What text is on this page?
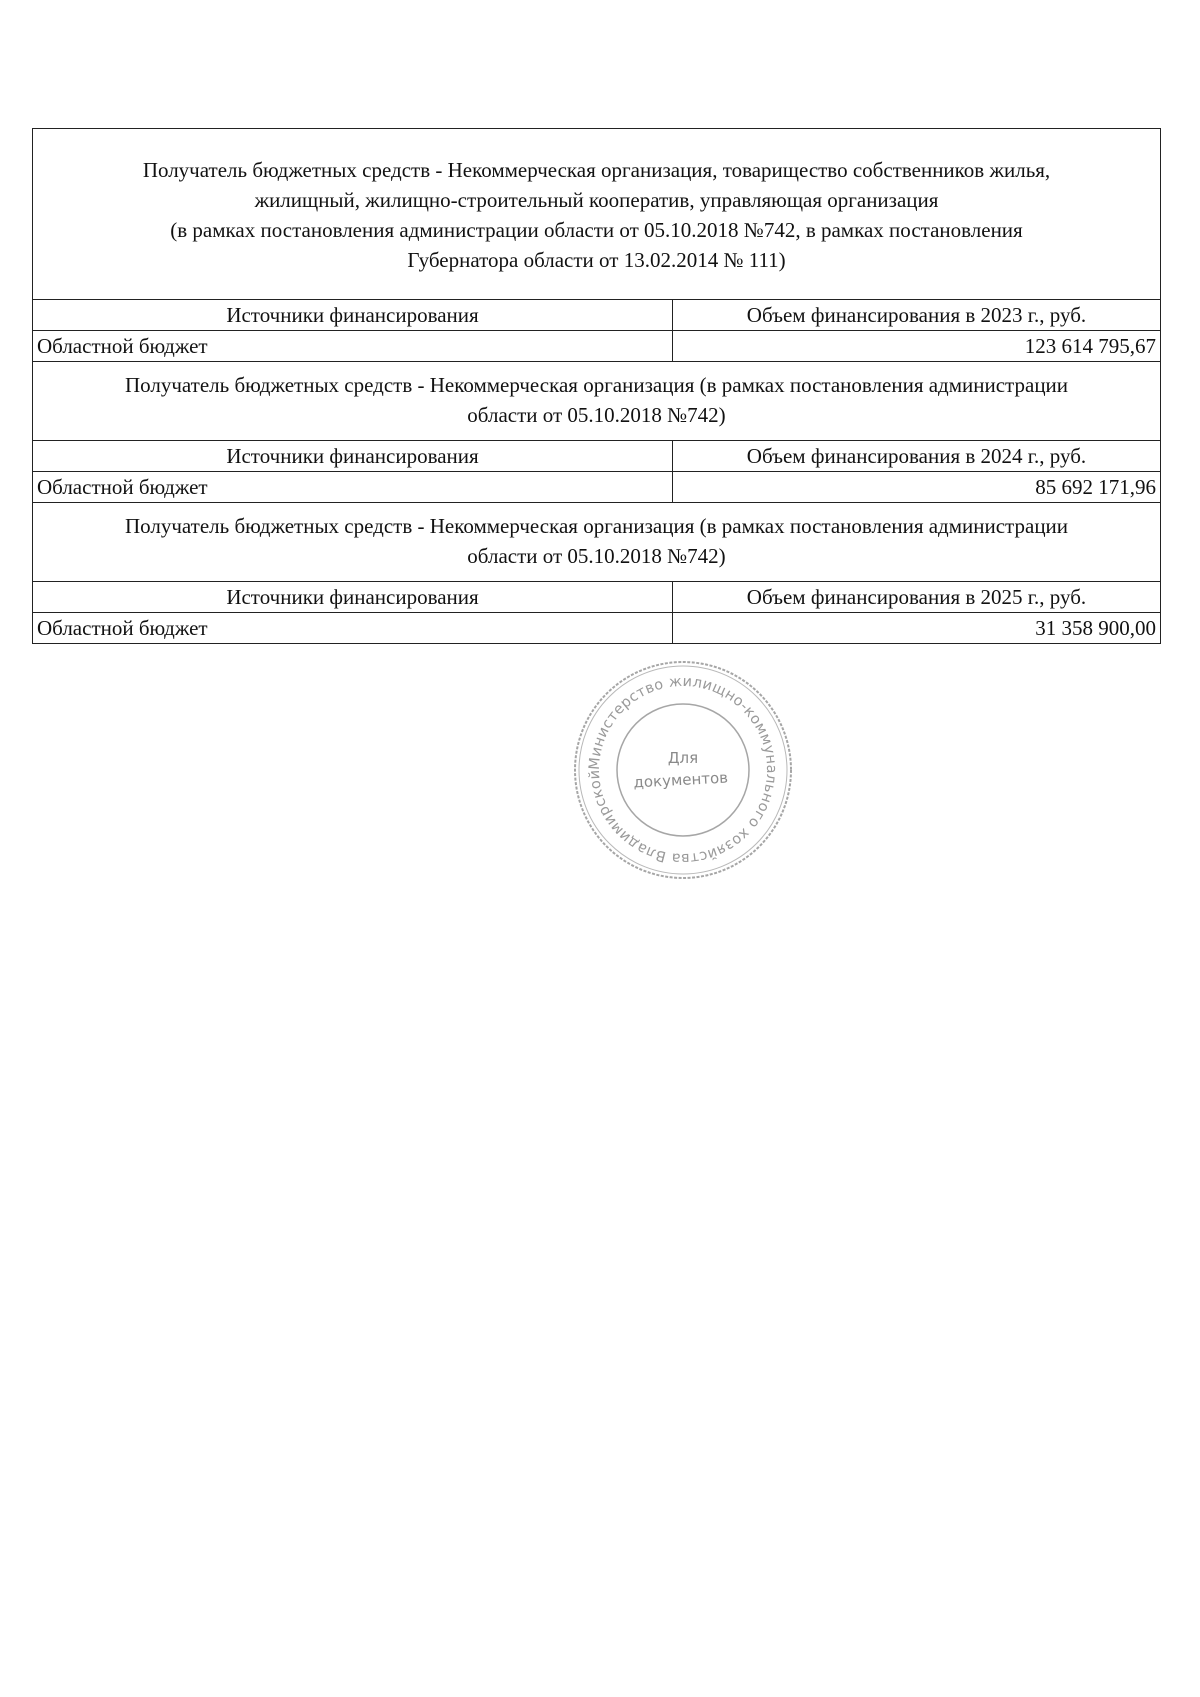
Получатель бюджетных средств - Некоммерческая организация, товарищество собственников жилья,
жилищный, жилищно-строительный кооператив, управляющая организация
(в рамках постановления администрации области от 05.10.2018 №742, в рамках постановления
Губернатора области от 13.02.2014 № 111)	

Источники финансирования	Объем финансирования в 2023 г., руб.
Областной бюджет	123 614 795,67

Получатель бюджетных средств - Некоммерческая организация (в рамках постановления администрации
области от 05.10.2018 №742)	

Источники финансирования	Объем финансирования в 2024 г., руб.
Областной бюджет	85 692 171,96

Получатель бюджетных средств - Некоммерческая организация (в рамках постановления администрации
области от 05.10.2018 №742)	

Источники финансирования	Объем финансирования в 2025 г., руб.
Областной бюджет	31 358 900,00
Министерство жилищно-коммунального хозяйства Владимирской
Для
документов
